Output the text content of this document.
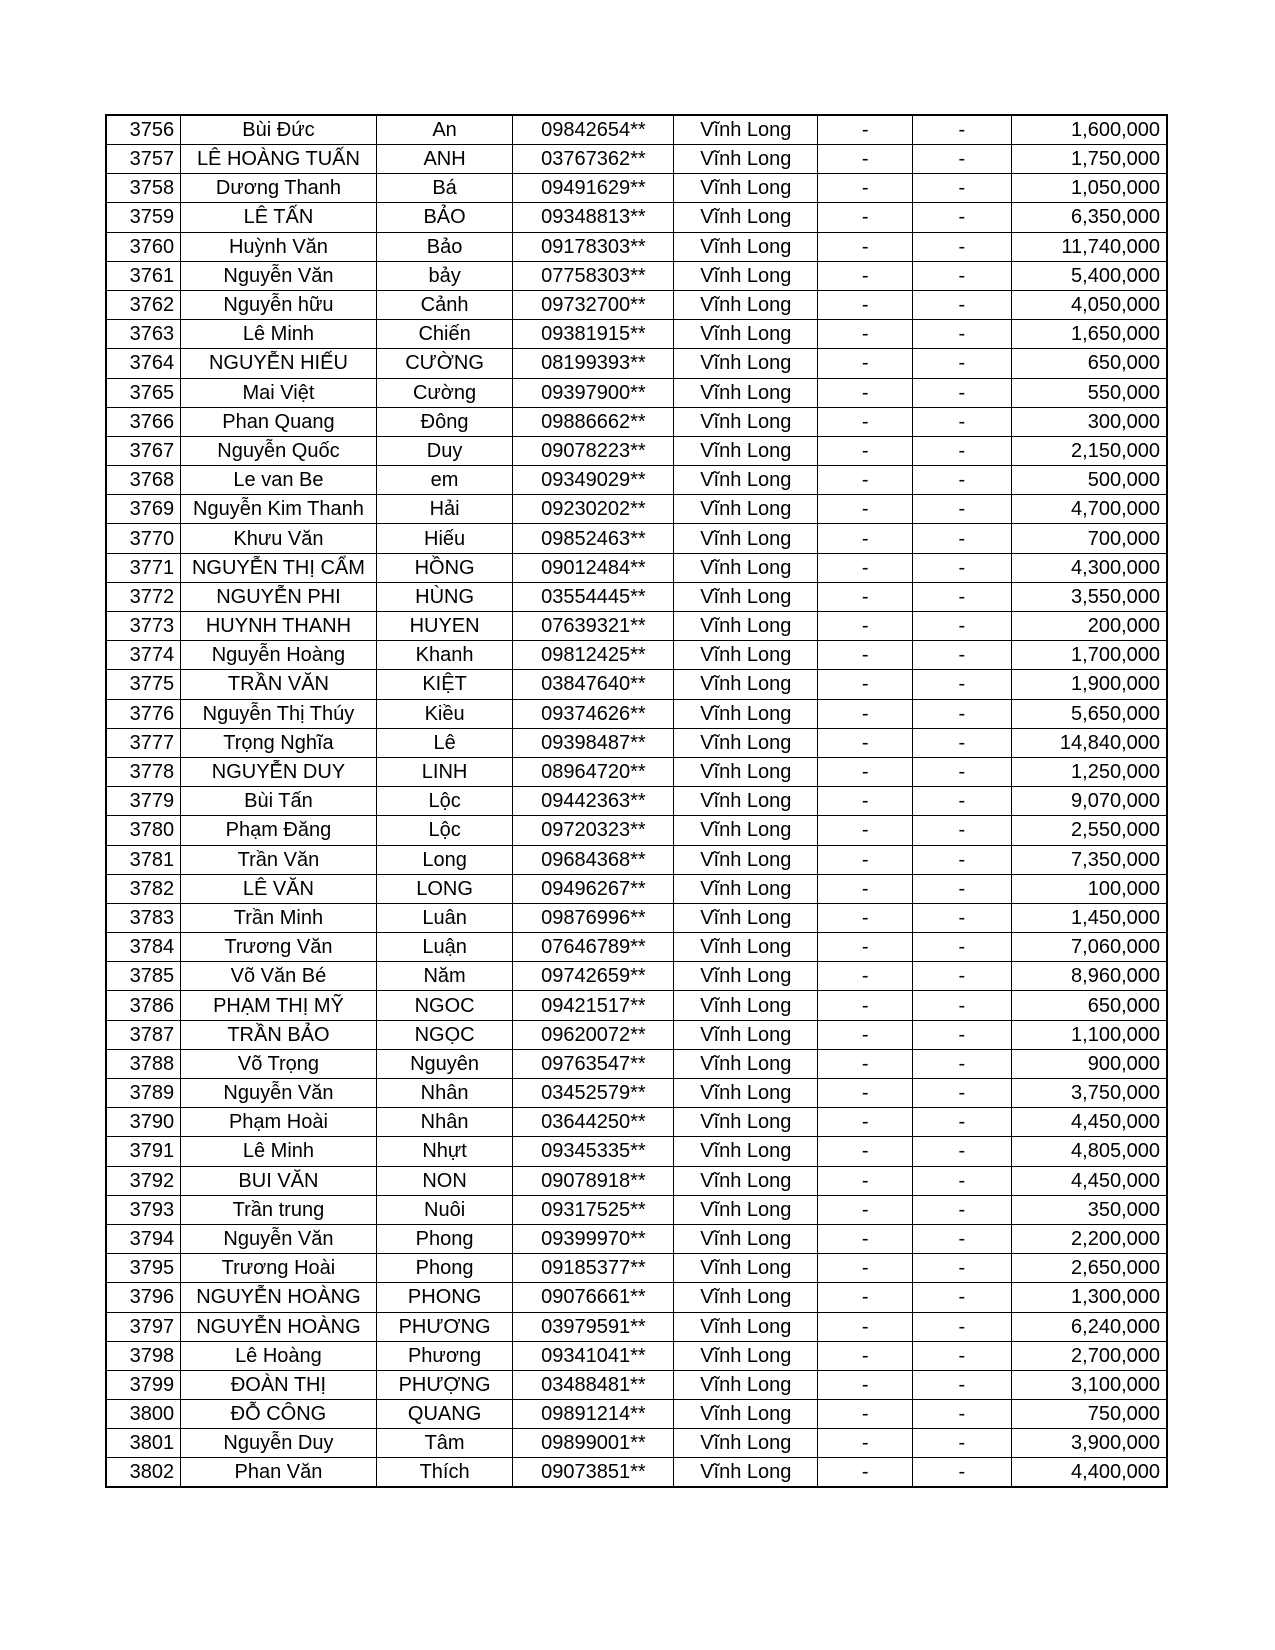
3756	Bùi Đức	An	09842654**	Vĩnh Long	-	-	1,600,000
3757	LÊ HOÀNG TUẤN	ANH	03767362**	Vĩnh Long	-	-	1,750,000
3758	Dương Thanh	Bá	09491629**	Vĩnh Long	-	-	1,050,000
3759	LÊ TẤN	BẢO	09348813**	Vĩnh Long	-	-	6,350,000
3760	Huỳnh Văn	Bảo	09178303**	Vĩnh Long	-	-	11,740,000
3761	Nguyễn Văn	bảy	07758303**	Vĩnh Long	-	-	5,400,000
3762	Nguyễn hữu	Cảnh	09732700**	Vĩnh Long	-	-	4,050,000
3763	Lê Minh	Chiến	09381915**	Vĩnh Long	-	-	1,650,000
3764	NGUYỄN HIẾU	CƯỜNG	08199393**	Vĩnh Long	-	-	650,000
3765	Mai Việt	Cường	09397900**	Vĩnh Long	-	-	550,000
3766	Phan Quang	Đông	09886662**	Vĩnh Long	-	-	300,000
3767	Nguyễn Quốc	Duy	09078223**	Vĩnh Long	-	-	2,150,000
3768	Le van Be	em	09349029**	Vĩnh Long	-	-	500,000
3769	Nguyễn Kim Thanh	Hải	09230202**	Vĩnh Long	-	-	4,700,000
3770	Khưu Văn	Hiếu	09852463**	Vĩnh Long	-	-	700,000
3771	NGUYỄN THỊ CẨM	HỒNG	09012484**	Vĩnh Long	-	-	4,300,000
3772	NGUYỄN PHI	HÙNG	03554445**	Vĩnh Long	-	-	3,550,000
3773	HUYNH THANH	HUYEN	07639321**	Vĩnh Long	-	-	200,000
3774	Nguyễn Hoàng	Khanh	09812425**	Vĩnh Long	-	-	1,700,000
3775	TRẦN VĂN	KIỆT	03847640**	Vĩnh Long	-	-	1,900,000
3776	Nguyễn Thị Thúy	Kiều	09374626**	Vĩnh Long	-	-	5,650,000
3777	Trọng Nghĩa	Lê	09398487**	Vĩnh Long	-	-	14,840,000
3778	NGUYỄN DUY	LINH	08964720**	Vĩnh Long	-	-	1,250,000
3779	Bùi Tấn	Lộc	09442363**	Vĩnh Long	-	-	9,070,000
3780	Phạm Đăng	Lộc	09720323**	Vĩnh Long	-	-	2,550,000
3781	Trần Văn	Long	09684368**	Vĩnh Long	-	-	7,350,000
3782	LÊ VĂN	LONG	09496267**	Vĩnh Long	-	-	100,000
3783	Trần Minh	Luân	09876996**	Vĩnh Long	-	-	1,450,000
3784	Trương Văn	Luận	07646789**	Vĩnh Long	-	-	7,060,000
3785	Võ Văn Bé	Năm	09742659**	Vĩnh Long	-	-	8,960,000
3786	PHẠM THỊ MỸ	NGOC	09421517**	Vĩnh Long	-	-	650,000
3787	TRẦN BẢO	NGỌC	09620072**	Vĩnh Long	-	-	1,100,000
3788	Võ Trọng	Nguyên	09763547**	Vĩnh Long	-	-	900,000
3789	Nguyễn Văn	Nhân	03452579**	Vĩnh Long	-	-	3,750,000
3790	Phạm Hoài	Nhân	03644250**	Vĩnh Long	-	-	4,450,000
3791	Lê Minh	Nhựt	09345335**	Vĩnh Long	-	-	4,805,000
3792	BUI VĂN	NON	09078918**	Vĩnh Long	-	-	4,450,000
3793	Trần trung	Nuôi	09317525**	Vĩnh Long	-	-	350,000
3794	Nguyễn Văn	Phong	09399970**	Vĩnh Long	-	-	2,200,000
3795	Trương Hoài	Phong	09185377**	Vĩnh Long	-	-	2,650,000
3796	NGUYỄN HOÀNG	PHONG	09076661**	Vĩnh Long	-	-	1,300,000
3797	NGUYỄN HOÀNG	PHƯƠNG	03979591**	Vĩnh Long	-	-	6,240,000
3798	Lê Hoàng	Phương	09341041**	Vĩnh Long	-	-	2,700,000
3799	ĐOÀN THỊ	PHƯỢNG	03488481**	Vĩnh Long	-	-	3,100,000
3800	ĐỖ CÔNG	QUANG	09891214**	Vĩnh Long	-	-	750,000
3801	Nguyễn Duy	Tâm	09899001**	Vĩnh Long	-	-	3,900,000
3802	Phan Văn	Thích	09073851**	Vĩnh Long	-	-	4,400,000
